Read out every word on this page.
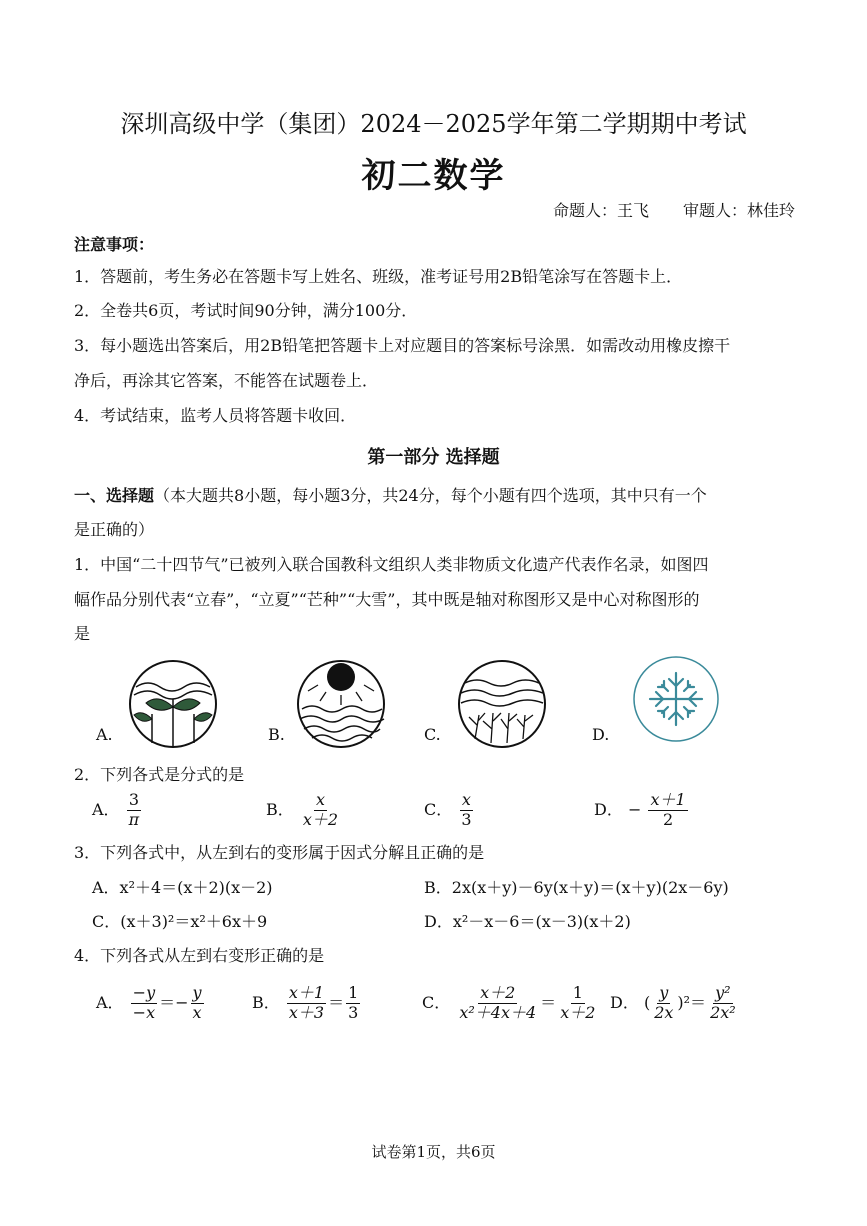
深圳高级中学（集团）2024－2025学年第二学期期中考试
初二数学
命题人：王飞 审题人：林佳玲
注意事项：
1．答题前，考生务必在答题卡写上姓名、班级，准考证号用2B铅笔涂写在答题卡上．
2．全卷共6页，考试时间90分钟，满分100分．
3．每小题选出答案后，用2B铅笔把答题卡上对应题目的答案标号涂黑．如需改动用橡皮擦干
净后，再涂其它答案，不能答在试题卷上．
4．考试结束，监考人员将答题卡收回．
第一部分 选择题
一、选择题（本大题共8小题，每小题3分，共24分，每个小题有四个选项，其中只有一个
是正确的）
1．中国“二十四节气”已被列入联合国教科文组织人类非物质文化遗产代表作名录，如图四
幅作品分别代表“立春”，“立夏”“芒种”“大雪”，其中既是轴对称图形又是中心对称图形的
是
A.	B.	C.	D.
2．下列各式是分式的是
A． $\frac{3}{\pi}$	B． $\frac{x}{x+2}$	C． $\frac{x}{3}$	D． − $\frac{x+1}{2}$
3．下列各式中，从左到右的变形属于因式分解且正确的是
A．x²＋4＝(x＋2)(x－2)	B．2x(x＋y)－6y(x＋y)＝(x＋y)(2x－6y)
C．(x＋3)²＝x²＋6x＋9	D．x²－x－6＝(x－3)(x＋2)
4．下列各式从左到右变形正确的是
A． $\frac{-y}{-x} =- \frac{y}{x}$	B． $\frac{x+1}{x+3} = \frac{1}{3}$	C． $\frac{x+2}{\text{x²＋4x＋4}} = \frac{1}{x+2}$ D． ( $\frac{y}{2x} )^2= \frac{\text{y²}}{\text{2x²}}$
试卷第1页，共6页
